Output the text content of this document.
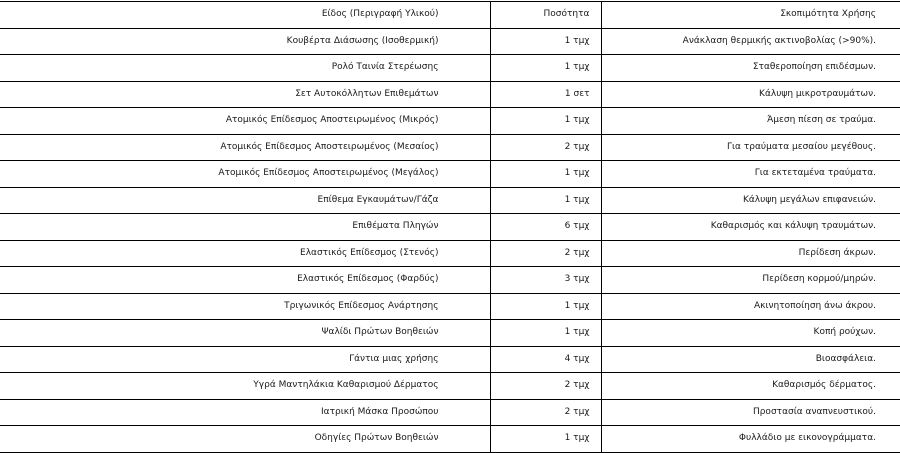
Είδος (Περιγραφή Υλικού)	Ποσότητα	Σκοπιμότητα Χρήσης
Κουβέρτα Διάσωσης (Ισοθερμική)	1 τμχ	Ανάκλαση θερμικής ακτινοβολίας (>90%).
Ρολό Ταινία Στερέωσης	1 τμχ	Σταθεροποίηση επιδέσμων.
Σετ Αυτοκόλλητων Επιθεμάτων	1 σετ	Κάλυψη μικροτραυμάτων.
Ατομικός Επίδεσμος Αποστειρωμένος (Μικρός)	1 τμχ	Άμεση πίεση σε τραύμα.
Ατομικός Επίδεσμος Αποστειρωμένος (Μεσαίος)	2 τμχ	Για τραύματα μεσαίου μεγέθους.
Ατομικός Επίδεσμος Αποστειρωμένος (Μεγάλος)	1 τμχ	Για εκτεταμένα τραύματα.
Επίθεμα Εγκαυμάτων/Γάζα	1 τμχ	Κάλυψη μεγάλων επιφανειών.
Επιθέματα Πληγών	6 τμχ	Καθαρισμός και κάλυψη τραυμάτων.
Ελαστικός Επίδεσμος (Στενός)	2 τμχ	Περίδεση άκρων.
Ελαστικός Επίδεσμος (Φαρδύς)	3 τμχ	Περίδεση κορμού/μηρών.
Τριγωνικός Επίδεσμος Ανάρτησης	1 τμχ	Ακινητοποίηση άνω άκρου.
Ψαλίδι Πρώτων Βοηθειών	1 τμχ	Κοπή ρούχων.
Γάντια μιας χρήσης	4 τμχ	Βιοασφάλεια.
Υγρά Μαντηλάκια Καθαρισμού Δέρματος	2 τμχ	Καθαρισμός δέρματος.
Ιατρική Μάσκα Προσώπου	2 τμχ	Προστασία αναπνευστικού.
Οδηγίες Πρώτων Βοηθειών	1 τμχ	Φυλλάδιο με εικονογράμματα.
